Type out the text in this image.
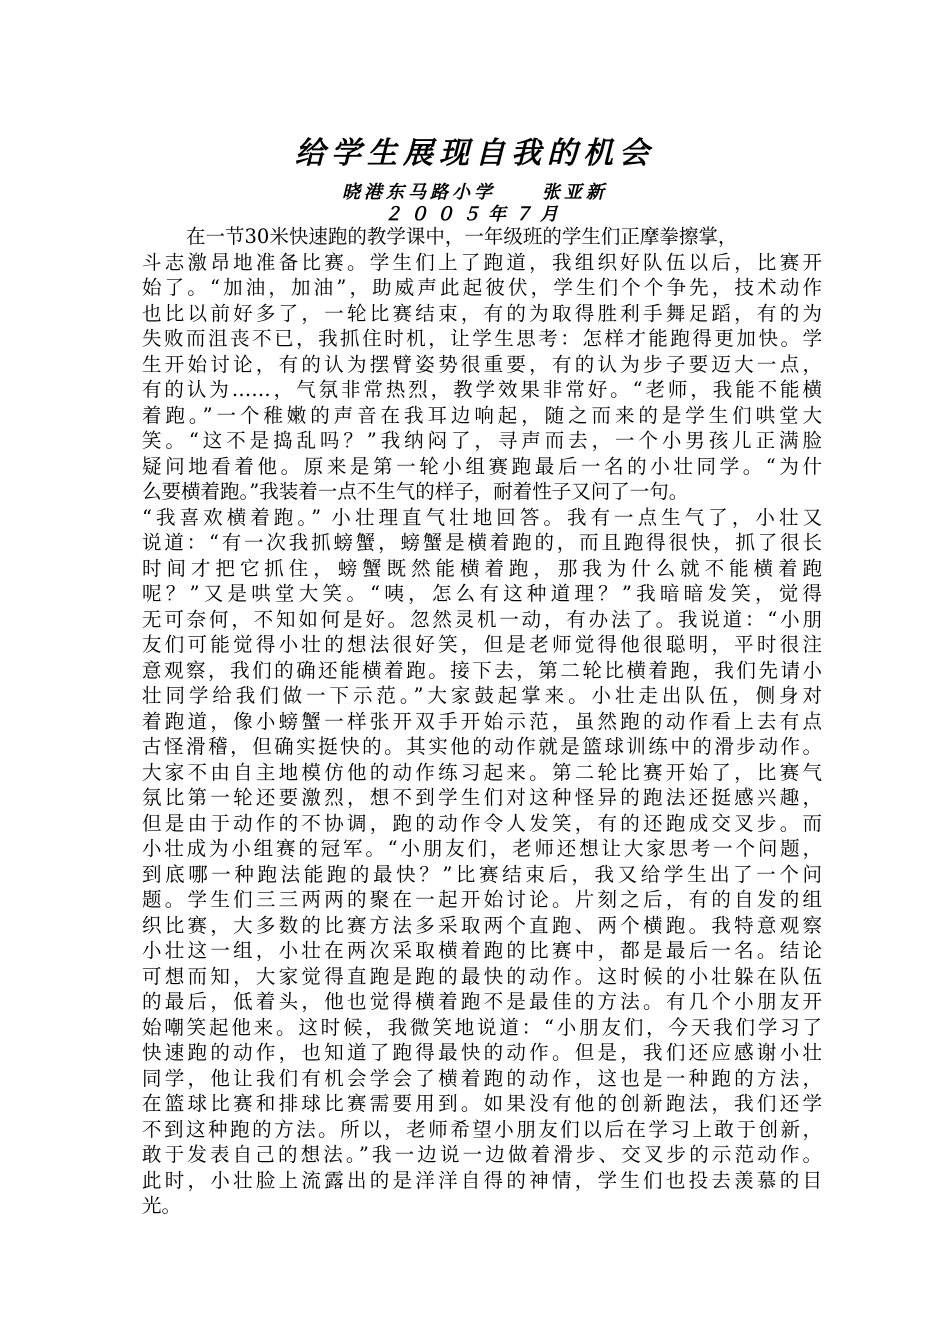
给学生展现自我的机会
晓港东马路小学	张亚新
２００５年７月
在一节30米快速跑的教学课中，一年级班的学生们正摩拳擦掌，
斗志激昂地准备比赛。学生们上了跑道，我组织好队伍以后，比赛开
始了。“加油，加油”，助威声此起彼伏，学生们个个争先，技术动作
也比以前好多了，一轮比赛结束，有的为取得胜利手舞足蹈，有的为
失败而沮丧不已，我抓住时机，让学生思考：怎样才能跑得更加快。学
生开始讨论，有的认为摆臂姿势很重要，有的认为步子要迈大一点，
有的认为……，气氛非常热烈，教学效果非常好。“老师，我能不能横
着跑。”一个稚嫩的声音在我耳边响起，随之而来的是学生们哄堂大
笑。“这不是捣乱吗？”我纳闷了，寻声而去，一个小男孩儿正满脸
疑问地看着他。原来是第一轮小组赛跑最后一名的小壮同学。“为什
么要横着跑。”我装着一点不生气的样子，耐着性子又问了一句。
“我喜欢横着跑。” 小壮理直气壮地回答。我有一点生气了，小壮又
说道：“有一次我抓螃蟹，螃蟹是横着跑的，而且跑得很快，抓了很长
时间才把它抓住，螃蟹既然能横着跑，那我为什么就不能横着跑
呢？”又是哄堂大笑。“咦，怎么有这种道理？”我暗暗发笑，觉得
无可奈何，不知如何是好。忽然灵机一动，有办法了。我说道：“小朋
友们可能觉得小壮的想法很好笑，但是老师觉得他很聪明，平时很注
意观察，我们的确还能横着跑。接下去，第二轮比横着跑，我们先请小
壮同学给我们做一下示范。”大家鼓起掌来。小壮走出队伍，侧身对
着跑道，像小螃蟹一样张开双手开始示范，虽然跑的动作看上去有点
古怪滑稽，但确实挺快的。其实他的动作就是篮球训练中的滑步动作。
大家不由自主地模仿他的动作练习起来。第二轮比赛开始了，比赛气
氛比第一轮还要激烈，想不到学生们对这种怪异的跑法还挺感兴趣，
但是由于动作的不协调，跑的动作令人发笑，有的还跑成交叉步。而
小壮成为小组赛的冠军。“小朋友们，老师还想让大家思考一个问题，
到底哪一种跑法能跑的最快？”比赛结束后，我又给学生出了一个问
题。学生们三三两两的聚在一起开始讨论。片刻之后，有的自发的组
织比赛，大多数的比赛方法多采取两个直跑、两个横跑。我特意观察
小壮这一组，小壮在两次采取横着跑的比赛中，都是最后一名。结论
可想而知，大家觉得直跑是跑的最快的动作。这时候的小壮躲在队伍
的最后，低着头，他也觉得横着跑不是最佳的方法。有几个小朋友开
始嘲笑起他来。这时候，我微笑地说道：“小朋友们，今天我们学习了
快速跑的动作，也知道了跑得最快的动作。但是，我们还应感谢小壮
同学，他让我们有机会学会了横着跑的动作，这也是一种跑的方法，
在篮球比赛和排球比赛需要用到。如果没有他的创新跑法，我们还学
不到这种跑的方法。所以，老师希望小朋友们以后在学习上敢于创新，
敢于发表自己的想法。”我一边说一边做着滑步、交叉步的示范动作。
此时，小壮脸上流露出的是洋洋自得的神情，学生们也投去羡慕的目
光。
